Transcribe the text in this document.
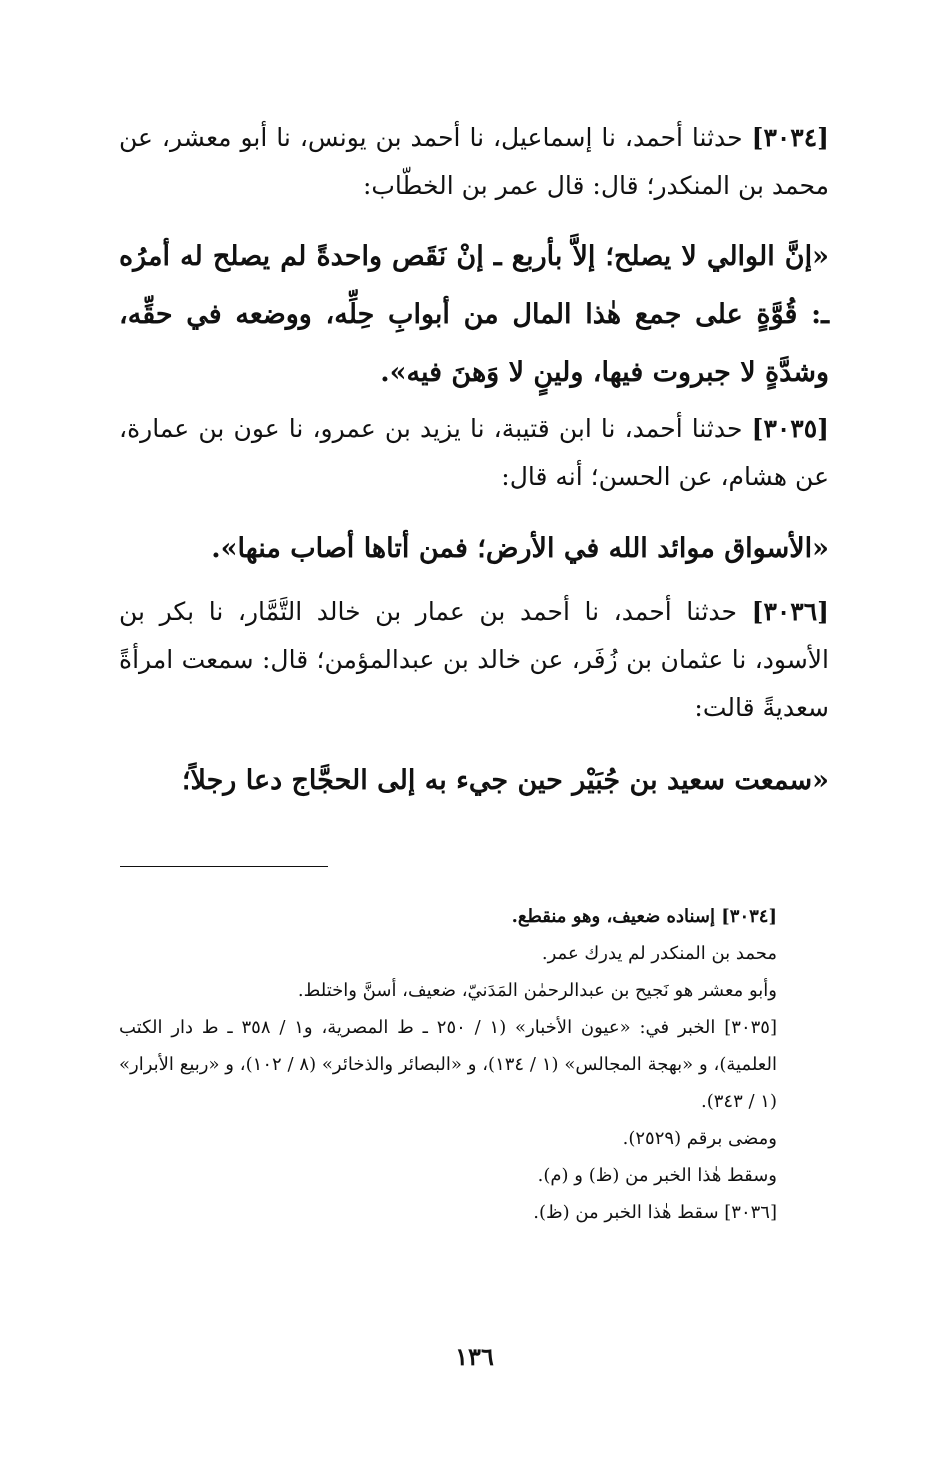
[٣٠٣٤] حدثنا أحمد، نا إسماعيل، نا أحمد بن يونس، نا أبو معشر، عن محمد بن المنكدر؛ قال: قال عمر بن الخطّاب:
«إنَّ الوالي لا يصلح؛ إلاَّ بأربع ـ إنْ نَقَص واحدةً لم يصلح له أمرُه ـ: قُوَّةٍ على جمع هٰذا المال من أبوابِ حِلِّه، ووضعه في حقِّه، وشدَّةٍ لا جبروت فيها، ولينٍ لا وَهنَ فيه».
[٣٠٣٥] حدثنا أحمد، نا ابن قتيبة، نا يزيد بن عمرو، نا عون بن عمارة، عن هشام، عن الحسن؛ أنه قال:
«الأسواق موائد الله في الأرض؛ فمن أتاها أصاب منها».
[٣٠٣٦] حدثنا أحمد، نا أحمد بن عمار بن خالد التَّمَّار، نا بكر بن الأسود، نا عثمان بن زُفَر، عن خالد بن عبدالمؤمن؛ قال: سمعت امرأةً سعديةً قالت:
«سمعت سعيد بن جُبَيْر حين جيء به إلى الحجَّاج دعا رجلاً؛
[٣٠٣٤] إسناده ضعيف، وهو منقطع.
محمد بن المنكدر لم يدرك عمر.
وأبو معشر هو نَجيح بن عبدالرحمٰن المَدَنيّ، ضعيف، أسنَّ واختلط.
[٣٠٣٥] الخبر في: «عيون الأخبار» (١ / ٢٥٠ ـ ط المصرية، و١ / ٣٥٨ ـ ط دار الكتب العلمية)، و «بهجة المجالس» (١ / ١٣٤)، و «البصائر والذخائر» (٨ / ١٠٢)، و «ربيع الأبرار» (١ / ٣٤٣).
ومضى برقم (٢٥٢٩).
وسقط هٰذا الخبر من (ظ) و (م).
[٣٠٣٦] سقط هٰذا الخبر من (ظ).
١٣٦
